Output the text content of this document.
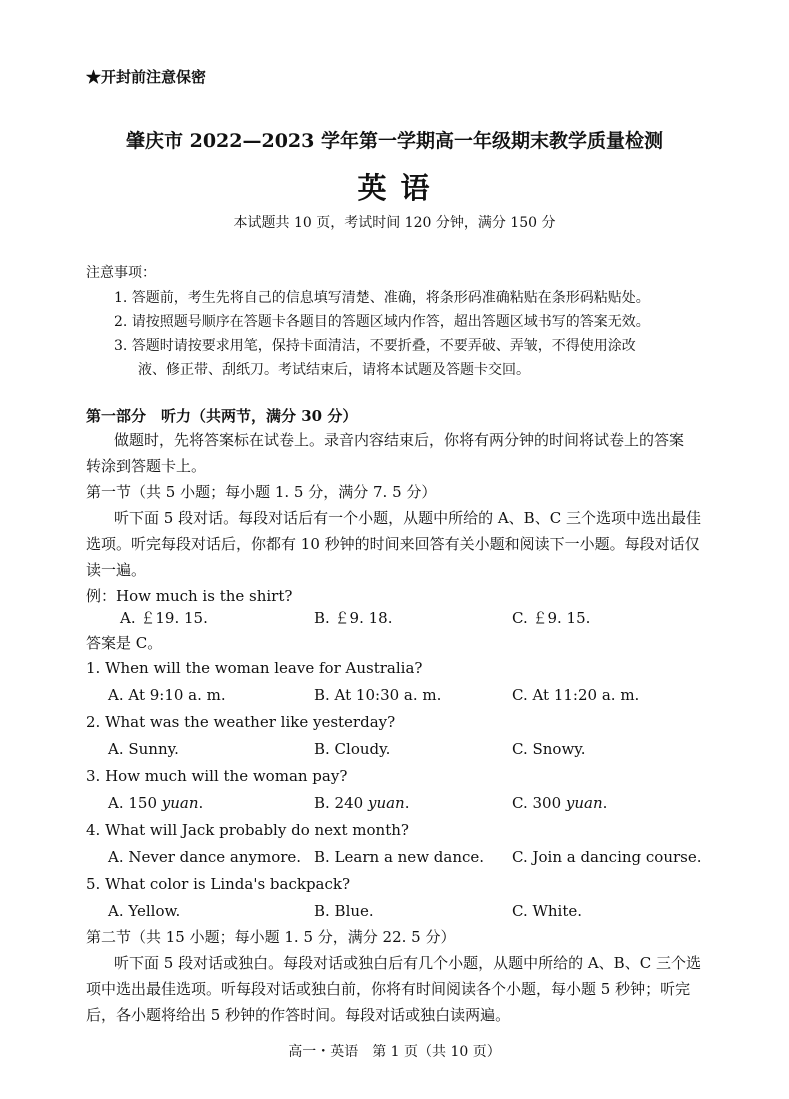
★开封前注意保密
肇庆市 2022—2023 学年第一学期高一年级期末教学质量检测
英 语
本试题共 10 页，考试时间 120 分钟，满分 150 分
注意事项：
1. 答题前，考生先将自己的信息填写清楚、准确，将条形码准确粘贴在条形码粘贴处。
2. 请按照题号顺序在答题卡各题目的答题区域内作答，超出答题区域书写的答案无效。
3. 答题时请按要求用笔，保持卡面清洁，不要折叠，不要弄破、弄皱，不得使用涂改
液、修正带、刮纸刀。考试结束后，请将本试题及答题卡交回。
第一部分　听力（共两节，满分 30 分）
做题时，先将答案标在试卷上。录音内容结束后，你将有两分钟的时间将试卷上的答案
转涂到答题卡上。
第一节（共 5 小题；每小题 1. 5 分，满分 7. 5 分）
听下面 5 段对话。每段对话后有一个小题，从题中所给的 A、B、C 三个选项中选出最佳
选项。听完每段对话后，你都有 10 秒钟的时间来回答有关小题和阅读下一小题。每段对话仅
读一遍。
例：How much is the shirt?
A. ￡19. 15.	B. ￡9. 18.	C. ￡9. 15.
答案是 C。
1. When will the woman leave for Australia?
A. At 9:10 a. m.	B. At 10:30 a. m.	C. At 11:20 a. m.
2. What was the weather like yesterday?
A. Sunny.	B. Cloudy.	C. Snowy.
3. How much will the woman pay?
A. 150 yuan.	B. 240 yuan.	C. 300 yuan.
4. What will Jack probably do next month?
A. Never dance anymore. B. Learn a new dance. C. Join a dancing course.
5. What color is Linda's backpack?
A. Yellow.	B. Blue.	C. White.
第二节（共 15 小题；每小题 1. 5 分，满分 22. 5 分）
听下面 5 段对话或独白。每段对话或独白后有几个小题，从题中所给的 A、B、C 三个选
项中选出最佳选项。听每段对话或独白前，你将有时间阅读各个小题，每小题 5 秒钟；听完
后，各小题将给出 5 秒钟的作答时间。每段对话或独白读两遍。
高一・英语　第 1 页（共 10 页）
